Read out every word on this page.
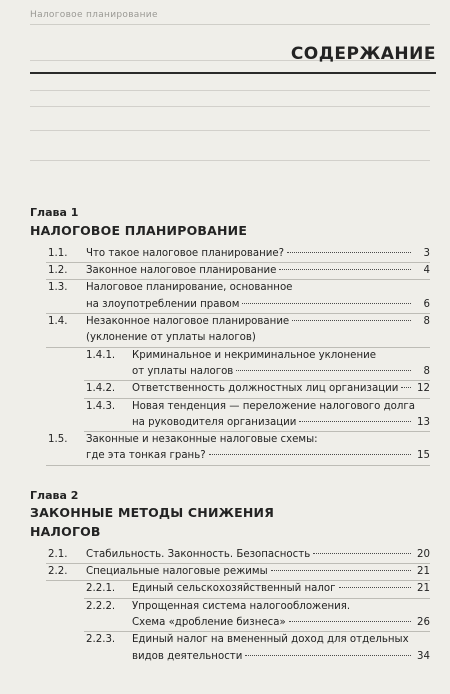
Налоговое планирование
СОДЕРЖАНИЕ
Глава 1
НАЛОГОВОЕ ПЛАНИРОВАНИЕ
1.1.	Что такое налоговое планирование?	3
1.2.	Законное налоговое планирование	4
1.3.	Налоговое планирование, основанное
на злоупотреблении правом	6
1.4.	Незаконное налоговое планирование	8
(уклонение от уплаты налогов)
1.4.1.	Криминальное и некриминальное уклонение
от уплаты налогов	8
1.4.2.	Ответственность должностных лиц организации 12
1.4.3.	Новая тенденция — переложение налогового долга
на руководителя организации	13
1.5.	Законные и незаконные налоговые схемы:
где эта тонкая грань?	15
Глава 2
ЗАКОННЫЕ МЕТОДЫ СНИЖЕНИЯ
НАЛОГОВ
2.1.	Стабильность. Законность. Безопасность	20
2.2.	Специальные налоговые режимы	21
2.2.1.	Единый сельскохозяйственный налог	21
2.2.2.	Упрощенная система налогообложения.
Схема «дробление бизнеса»	26
2.2.3.	Единый налог на вмененный доход для отдельных
видов деятельности	34
